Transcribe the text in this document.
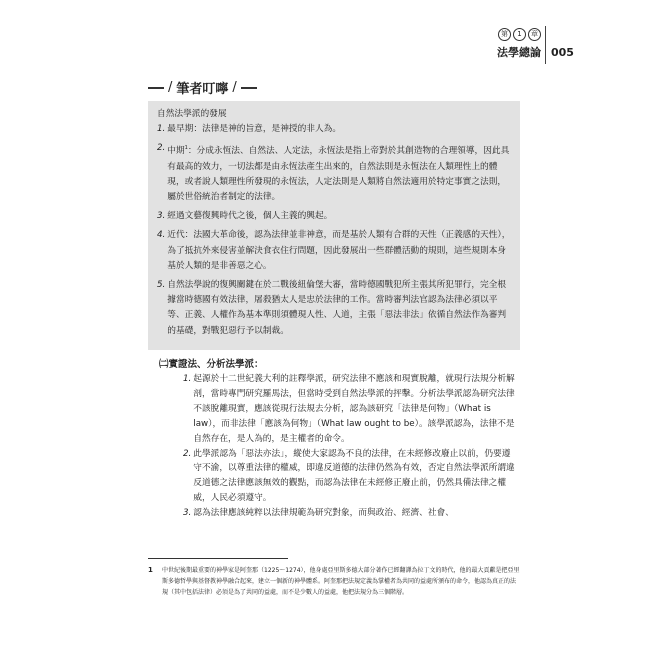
第	1	章
法學總論 005
/ 筆者叮嚀 /
自然法學派的發展
1. 最早期：法律是神的旨意，是神授的非人為。
2. 中期$^1$：分成永恆法、自然法、人定法，永恆法是指上帝對於其創造物的合理領導，因此具有最高的效力，一切法都是由永恆法產生出來的，自然法則是永恆法在人類理性上的體現，或者說人類理性所發現的永恆法，人定法則是人類將自然法適用於特定事實之法則，屬於世俗統治者制定的法律。
3. 經過文藝復興時代之後，個人主義的興起。
4. 近代：法國大革命後，認為法律並非神意，而是基於人類有合群的天性（正義感的天性），為了抵抗外來侵害並解決食衣住行問題，因此發展出一些群體活動的規則，這些規則本身基於人類的是非善惡之心。
5. 自然法學說的復興關鍵在於二戰後紐倫堡大審，當時德國戰犯所主張其所犯罪行，完全根據當時德國有效法律，屠殺猶太人是忠於法律的工作。當時審判法官認為法律必須以平等、正義、人權作為基本準則須體現人性、人道，主張「惡法非法」依循自然法作為審判的基礎，對戰犯惡行予以制裁。
㈡實證法、分析法學派：
1. 起源於十二世紀義大利的註釋學派，研究法律不應該和現實脫離，就現行法規分析解剖，當時專門研究羅馬法，但當時受到自然法學派的抨擊。分析法學派認為研究法律不該脫離現實，應該從現行法規去分析，認為該研究「法律是何物」（What is law），而非法律「應該為何物」（What law ought to be）。該學派認為，法律不是自然存在，是人為的，是主權者的命令。
2. 此學派認為「惡法亦法」，縱使大家認為不良的法律，在未經修改廢止以前，仍要遵守不渝，以尊重法律的權威，即違反道德的法律仍然為有效，否定自然法學派所謂違反道德之法律應該無效的觀點，而認為法律在未經修正廢止前，仍然具備法律之權威，人民必須遵守。
3. 認為法律應該純粹以法律規範為研究對象，而與政治、經濟、社會、
1	中世紀後期最重要的神學家是阿奎那（1225～1274），他身處亞里斯多德大部分著作已經翻譯為拉丁文的時代，他的最大貢獻是把亞里斯多德哲學與基督教神學融合起來，建立一個新的神學體系。阿奎那把法規定義為掌權者為共同的益處所頒布的命令，他認為真正的法規（其中包括法律）必須是為了共同的益處，而不是少數人的益處，他把法規分為三個階層。
